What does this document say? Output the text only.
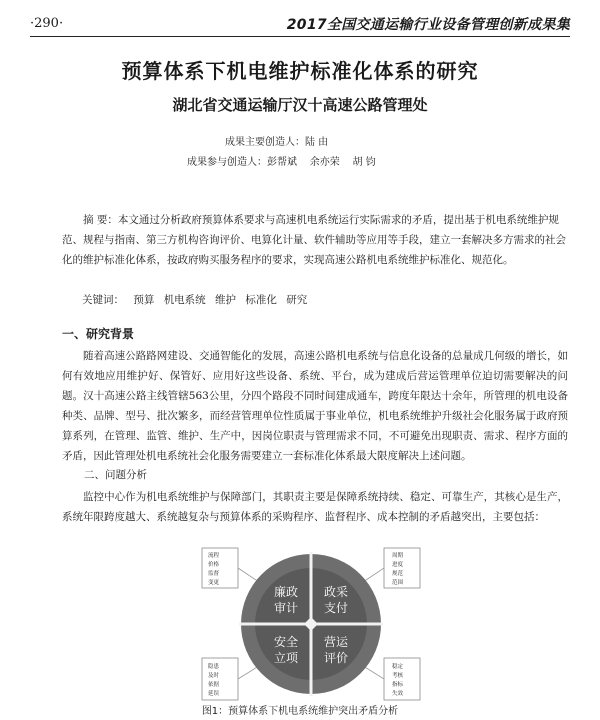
·290·	2017全国交通运输行业设备管理创新成果集
预算体系下机电维护标准化体系的研究
湖北省交通运输厅汉十高速公路管理处
成果主要创造人：陆 由
成果参与创造人：彭帮斌 余亦荣 胡 钧
摘 要：本文通过分析政府预算体系要求与高速机电系统运行实际需求的矛盾，提出基于机电系统维护规范、规程与指南、第三方机构咨询评价、电算化计量、软件辅助等应用等手段，建立一套解决多方需求的社会化的维护标准化体系，按政府购买服务程序的要求，实现高速公路机电系统维护标准化、规范化。
关键词： 预算 机电系统 维护 标准化 研究
一、研究背景
随着高速公路路网建设、交通智能化的发展，高速公路机电系统与信息化设备的总量成几何级的增长，如何有效地应用维护好、保管好、应用好这些设备、系统、平台，成为建成后营运管理单位迫切需要解决的问题。汉十高速公路主线管辖563公里，分四个路段不同时间建成通车，跨度年限达十余年，所管理的机电设备种类、品牌、型号、批次繁多，而经营管理单位性质属于事业单位，机电系统维护升级社会化服务属于政府预算系列，在管理、监管、维护、生产中，因岗位职责与管理需求不同，不可避免出现职责、需求、程序方面的矛盾，因此管理处机电系统社会化服务需要建立一套标准化体系最大限度解决上述问题。
二、问题分析
监控中心作为机电系统维护与保障部门，其职责主要是保障系统持续、稳定、可靠生产，其核心是生产，系统年限跨度越大、系统越复杂与预算体系的采购程序、监督程序、成本控制的矛盾越突出，主要包括：
流程
价格
监督
变更
周期
进度
规范
范围
隐患
及时
依据
延误
稳定
考核
指标
失效
廉政
审计
政采
支付
安全
立项
营运
评价
图1：预算体系下机电系统维护突出矛盾分析
